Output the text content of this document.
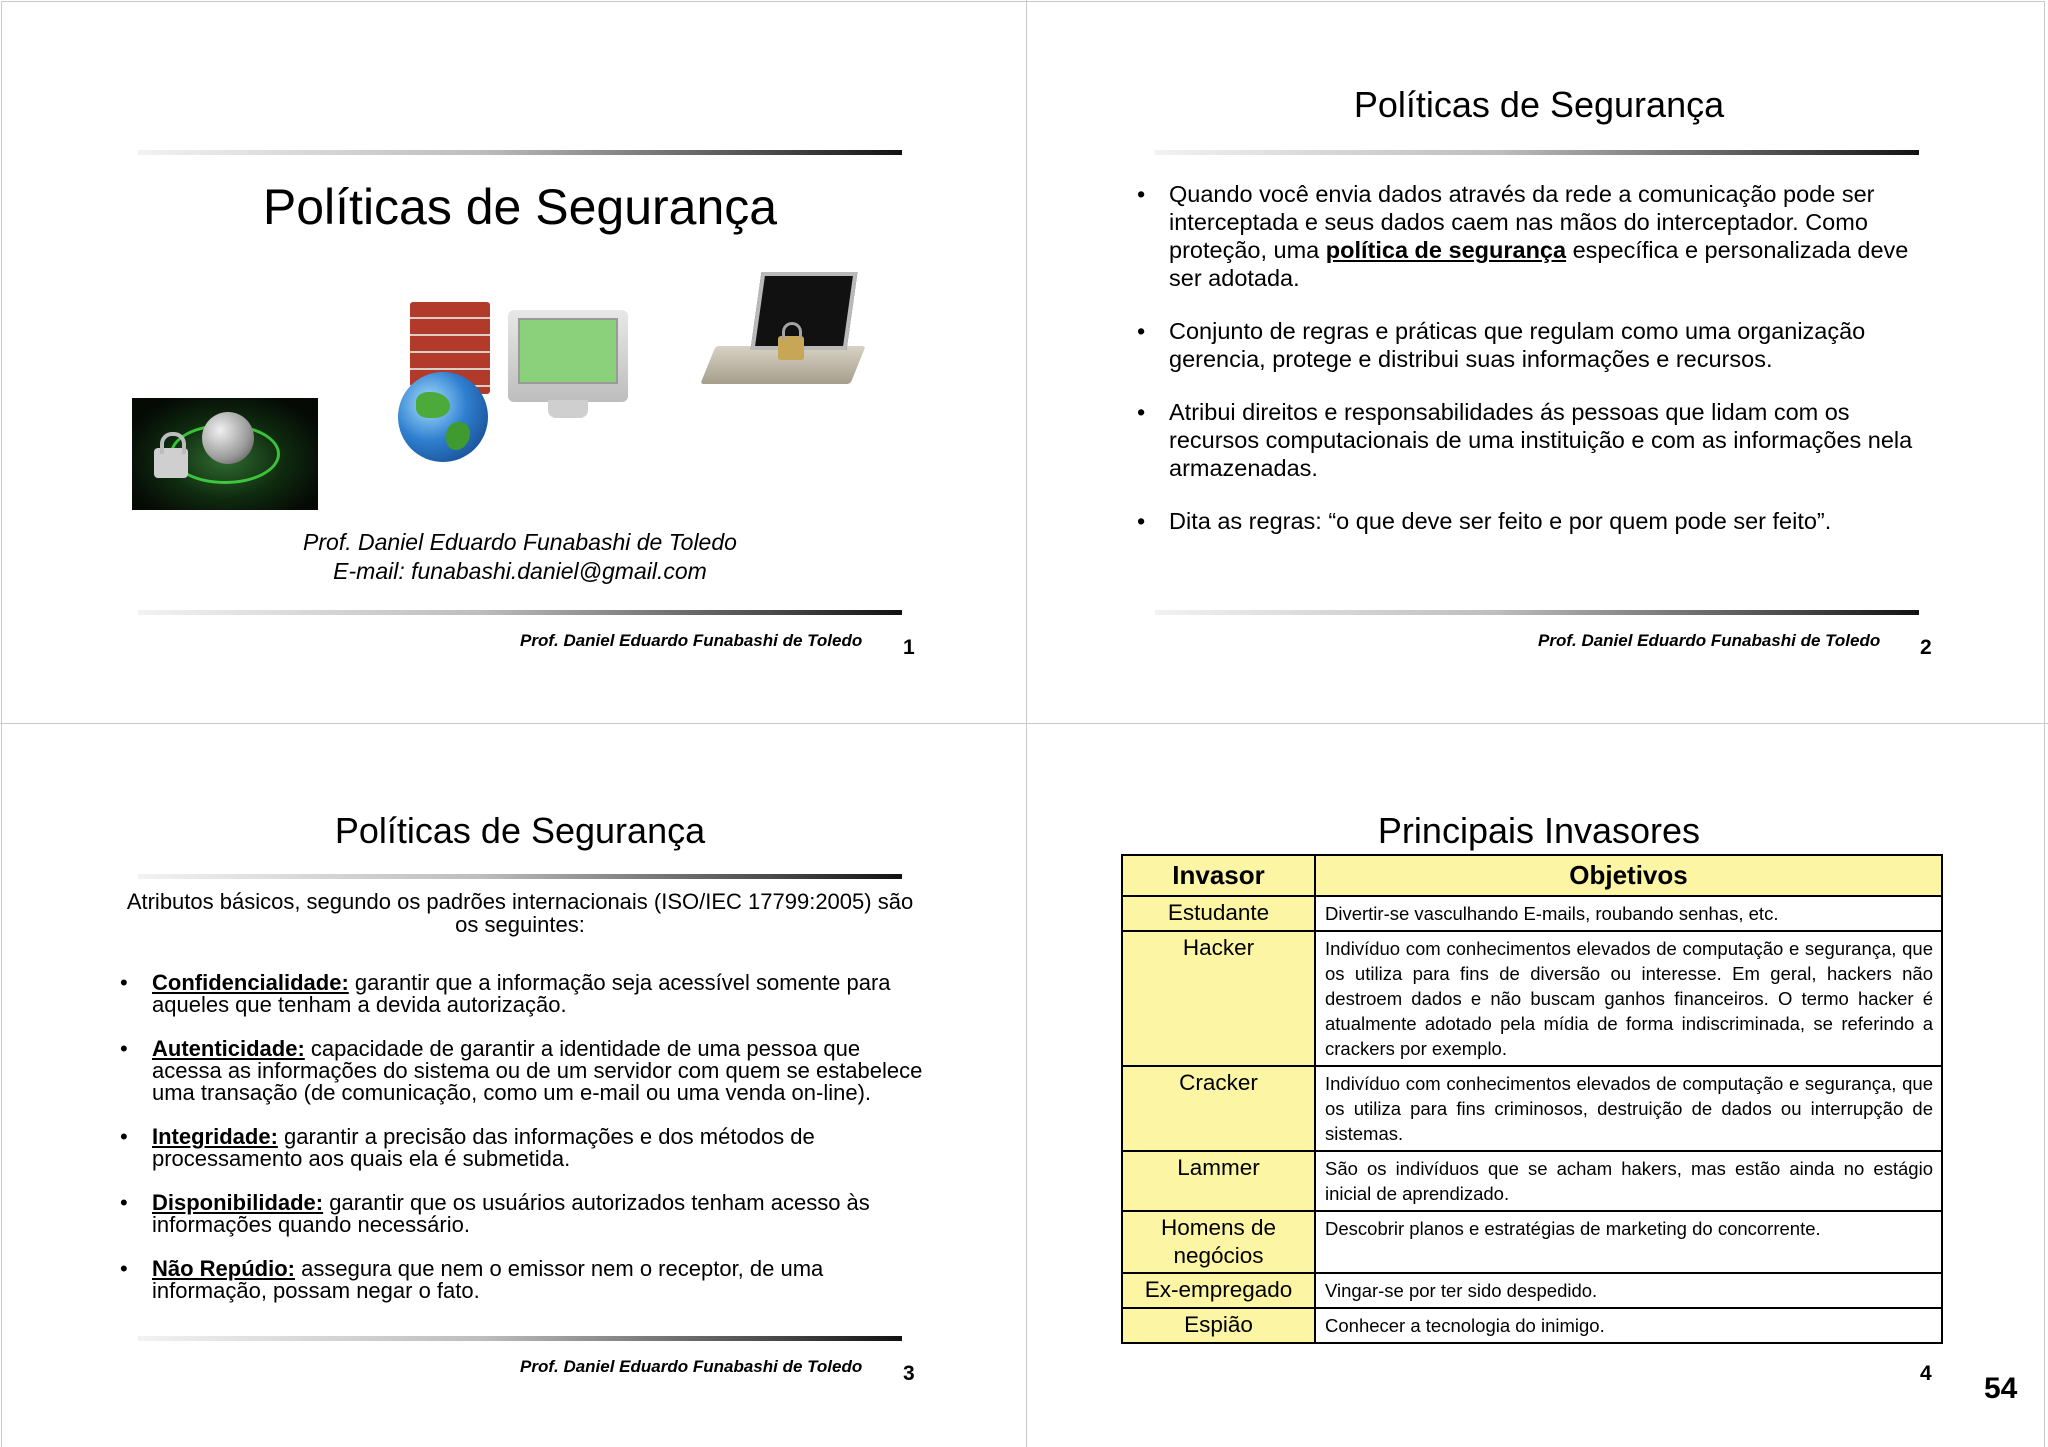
Políticas de Segurança
Prof. Daniel Eduardo Funabashi de Toledo
E-mail: funabashi.daniel@gmail.com
Prof. Daniel Eduardo Funabashi de Toledo 1
Políticas de Segurança
• Quando você envia dados através da rede a comunicação pode ser interceptada e seus dados caem nas mãos do interceptador. Como proteção, uma política de segurança específica e personalizada deve ser adotada.
• Conjunto de regras e práticas que regulam como uma organização gerencia, protege e distribui suas informações e recursos.
• Atribui direitos e responsabilidades ás pessoas que lidam com os recursos computacionais de uma instituição e com as informações nela armazenadas.
• Dita as regras: “o que deve ser feito e por quem pode ser feito”.
Prof. Daniel Eduardo Funabashi de Toledo 2
Políticas de Segurança
Atributos básicos, segundo os padrões internacionais (ISO/IEC 17799:2005) são os seguintes:
• Confidencialidade: garantir que a informação seja acessível somente para aqueles que tenham a devida autorização.
• Autenticidade: capacidade de garantir a identidade de uma pessoa que acessa as informações do sistema ou de um servidor com quem se estabelece uma transação (de comunicação, como um e-mail ou uma venda on-line).
• Integridade: garantir a precisão das informações e dos métodos de processamento aos quais ela é submetida.
• Disponibilidade: garantir que os usuários autorizados tenham acesso às informações quando necessário.
• Não Repúdio: assegura que nem o emissor nem o receptor, de uma informação, possam negar o fato.
Prof. Daniel Eduardo Funabashi de Toledo 3
Principais Invasores
Invasor	Objetivos
Estudante	Divertir-se vasculhando E-mails, roubando senhas, etc.
Hacker	Indivíduo com conhecimentos elevados de computação e segurança, que os utiliza para fins de diversão ou interesse. Em geral, hackers não destroem dados e não buscam ganhos financeiros. O termo hacker é atualmente adotado pela mídia de forma indiscriminada, se referindo a crackers por exemplo.
Cracker	Indivíduo com conhecimentos elevados de computação e segurança, que os utiliza para fins criminosos, destruição de dados ou interrupção de sistemas.
Lammer	São os indivíduos que se acham hakers, mas estão ainda no estágio inicial de aprendizado.
Homens de negócios	Descobrir planos e estratégias de marketing do concorrente.
Ex-empregado	Vingar-se por ter sido despedido.
Espião	Conhecer a tecnologia do inimigo.
4 54
